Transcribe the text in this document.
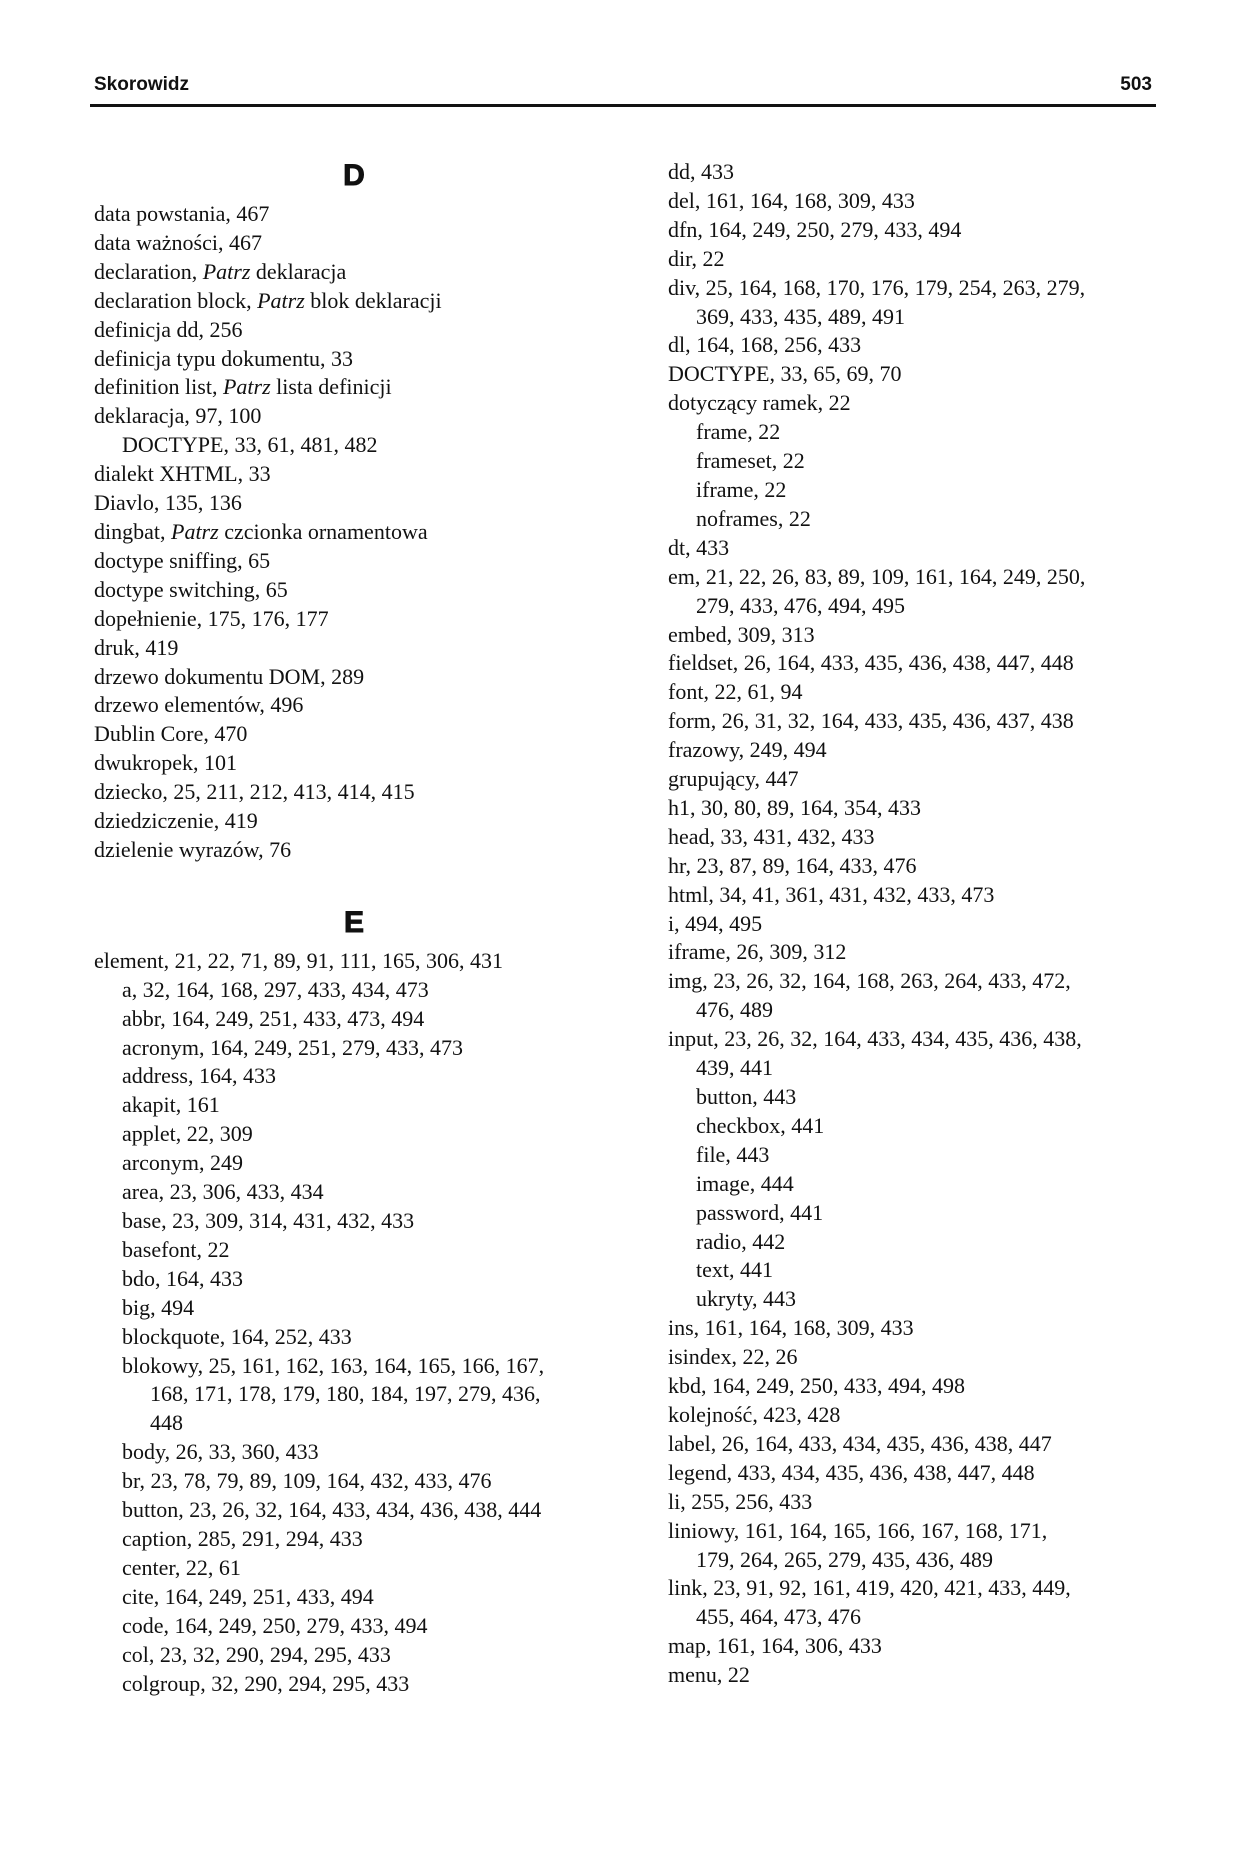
Skorowidz	503
D
data powstania, 467
data ważności, 467
declaration, Patrz deklaracja
declaration block, Patrz blok deklaracji
definicja dd, 256
definicja typu dokumentu, 33
definition list, Patrz lista definicji
deklaracja, 97, 100
DOCTYPE, 33, 61, 481, 482
dialekt XHTML, 33
Diavlo, 135, 136
dingbat, Patrz czcionka ornamentowa
doctype sniffing, 65
doctype switching, 65
dopełnienie, 175, 176, 177
druk, 419
drzewo dokumentu DOM, 289
drzewo elementów, 496
Dublin Core, 470
dwukropek, 101
dziecko, 25, 211, 212, 413, 414, 415
dziedziczenie, 419
dzielenie wyrazów, 76
E
element, 21, 22, 71, 89, 91, 111, 165, 306, 431
a, 32, 164, 168, 297, 433, 434, 473
abbr, 164, 249, 251, 433, 473, 494
acronym, 164, 249, 251, 279, 433, 473
address, 164, 433
akapit, 161
applet, 22, 309
arconym, 249
area, 23, 306, 433, 434
base, 23, 309, 314, 431, 432, 433
basefont, 22
bdo, 164, 433
big, 494
blockquote, 164, 252, 433
blokowy, 25, 161, 162, 163, 164, 165, 166, 167,
168, 171, 178, 179, 180, 184, 197, 279, 436,
448
body, 26, 33, 360, 433
br, 23, 78, 79, 89, 109, 164, 432, 433, 476
button, 23, 26, 32, 164, 433, 434, 436, 438, 444
caption, 285, 291, 294, 433
center, 22, 61
cite, 164, 249, 251, 433, 494
code, 164, 249, 250, 279, 433, 494
col, 23, 32, 290, 294, 295, 433
colgroup, 32, 290, 294, 295, 433
dd, 433
del, 161, 164, 168, 309, 433
dfn, 164, 249, 250, 279, 433, 494
dir, 22
div, 25, 164, 168, 170, 176, 179, 254, 263, 279,
369, 433, 435, 489, 491
dl, 164, 168, 256, 433
DOCTYPE, 33, 65, 69, 70
dotyczący ramek, 22
frame, 22
frameset, 22
iframe, 22
noframes, 22
dt, 433
em, 21, 22, 26, 83, 89, 109, 161, 164, 249, 250,
279, 433, 476, 494, 495
embed, 309, 313
fieldset, 26, 164, 433, 435, 436, 438, 447, 448
font, 22, 61, 94
form, 26, 31, 32, 164, 433, 435, 436, 437, 438
frazowy, 249, 494
grupujący, 447
h1, 30, 80, 89, 164, 354, 433
head, 33, 431, 432, 433
hr, 23, 87, 89, 164, 433, 476
html, 34, 41, 361, 431, 432, 433, 473
i, 494, 495
iframe, 26, 309, 312
img, 23, 26, 32, 164, 168, 263, 264, 433, 472,
476, 489
input, 23, 26, 32, 164, 433, 434, 435, 436, 438,
439, 441
button, 443
checkbox, 441
file, 443
image, 444
password, 441
radio, 442
text, 441
ukryty, 443
ins, 161, 164, 168, 309, 433
isindex, 22, 26
kbd, 164, 249, 250, 433, 494, 498
kolejność, 423, 428
label, 26, 164, 433, 434, 435, 436, 438, 447
legend, 433, 434, 435, 436, 438, 447, 448
li, 255, 256, 433
liniowy, 161, 164, 165, 166, 167, 168, 171,
179, 264, 265, 279, 435, 436, 489
link, 23, 91, 92, 161, 419, 420, 421, 433, 449,
455, 464, 473, 476
map, 161, 164, 306, 433
menu, 22
